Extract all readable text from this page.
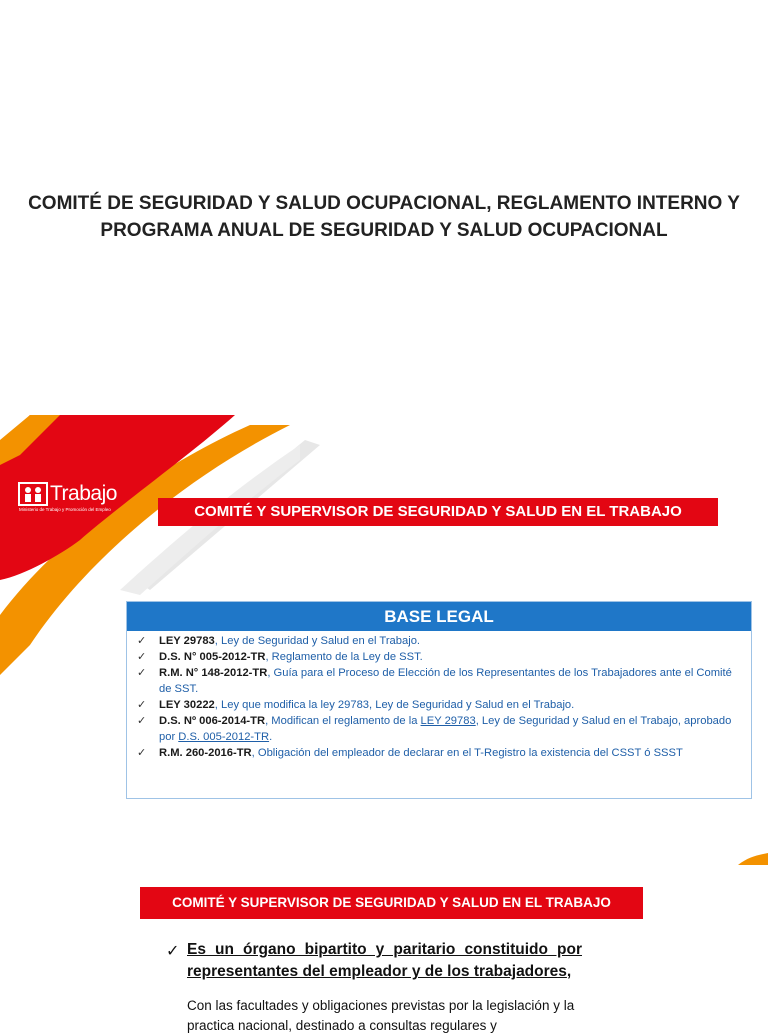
COMITÉ DE SEGURIDAD Y SALUD OCUPACIONAL, REGLAMENTO INTERNO Y PROGRAMA ANUAL DE SEGURIDAD Y SALUD OCUPACIONAL
Trabajo
Ministerio de Trabajo y Promoción del Empleo	COMITÉ Y SUPERVISOR DE SEGURIDAD Y SALUD EN EL TRABAJO
BASE LEGAL
✓ LEY 29783, Ley de Seguridad y Salud en el Trabajo.
✓ D.S. N° 005-2012-TR, Reglamento de la Ley de SST.
✓ R.M. N° 148-2012-TR, Guía para el Proceso de Elección de los Representantes de los Trabajadores ante el Comité de SST.
✓ LEY 30222, Ley que modifica la ley 29783, Ley de Seguridad y Salud en el Trabajo.
✓ D.S. Nº 006-2014-TR, Modifican el reglamento de la LEY 29783, Ley de Seguridad y Salud en el Trabajo, aprobado por D.S. 005-2012-TR.
✓ R.M. 260-2016-TR, Obligación del empleador de declarar en el T-Registro la existencia del CSST ó SSST
COMITÉ Y SUPERVISOR DE SEGURIDAD Y SALUD EN EL TRABAJO
✓ Es un órgano bipartito y paritario constituido por representantes del empleador y de los trabajadores,
Con las facultades y obligaciones previstas por la legislación y la practica nacional, destinado a consultas regulares y
